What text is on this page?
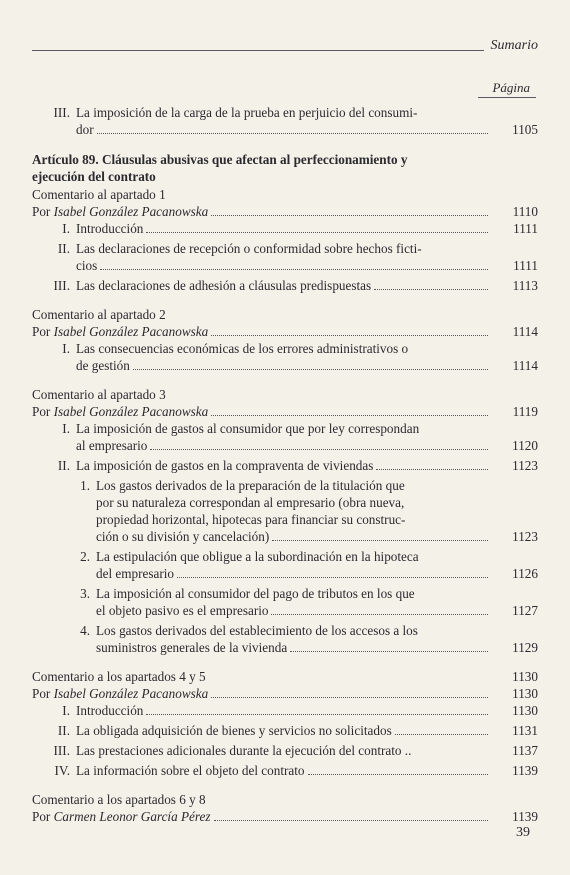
Sumario
Página
III. La imposición de la carga de la prueba en perjuicio del consumi-
dor	1105
Artículo 89. Cláusulas abusivas que afectan al perfeccionamiento y
ejecución del contrato
Comentario al apartado 1
Por
Isabel González Pacanowska	1110
I. Introducción	1111
II. Las declaraciones de recepción o conformidad sobre hechos ficti-
cios	1111
III. Las declaraciones de adhesión a cláusulas predispuestas	1113
Comentario al apartado 2
Por
Isabel González Pacanowska	1114
I. Las consecuencias económicas de los errores administrativos o
de gestión	1114
Comentario al apartado 3
Por
Isabel González Pacanowska	1119
I. La imposición de gastos al consumidor que por ley correspondan
al empresario	1120
II. La imposición de gastos en la compraventa de viviendas	1123
1. Los gastos derivados de la preparación de la titulación que
por su naturaleza correspondan al empresario (obra nueva,
propiedad horizontal, hipotecas para financiar su construc-
ción o su división y cancelación)	1123
2. La estipulación que obligue a la subordinación en la hipoteca
del empresario	1126
3. La imposición al consumidor del pago de tributos en los que
el objeto pasivo es el empresario	1127
4. Los gastos derivados del establecimiento de los accesos a los
suministros generales de la vivienda	1129
Comentario a los apartados 4 y 5	1130
Por
Isabel González Pacanowska	1130
I. Introducción	1130
II. La obligada adquisición de bienes y servicios no solicitados	1131
III. Las prestaciones adicionales durante la ejecución del contrato ..	1137
IV. La información sobre el objeto del contrato	1139
Comentario a los apartados 6 y 8
Por
Carmen Leonor García Pérez	1139
39
